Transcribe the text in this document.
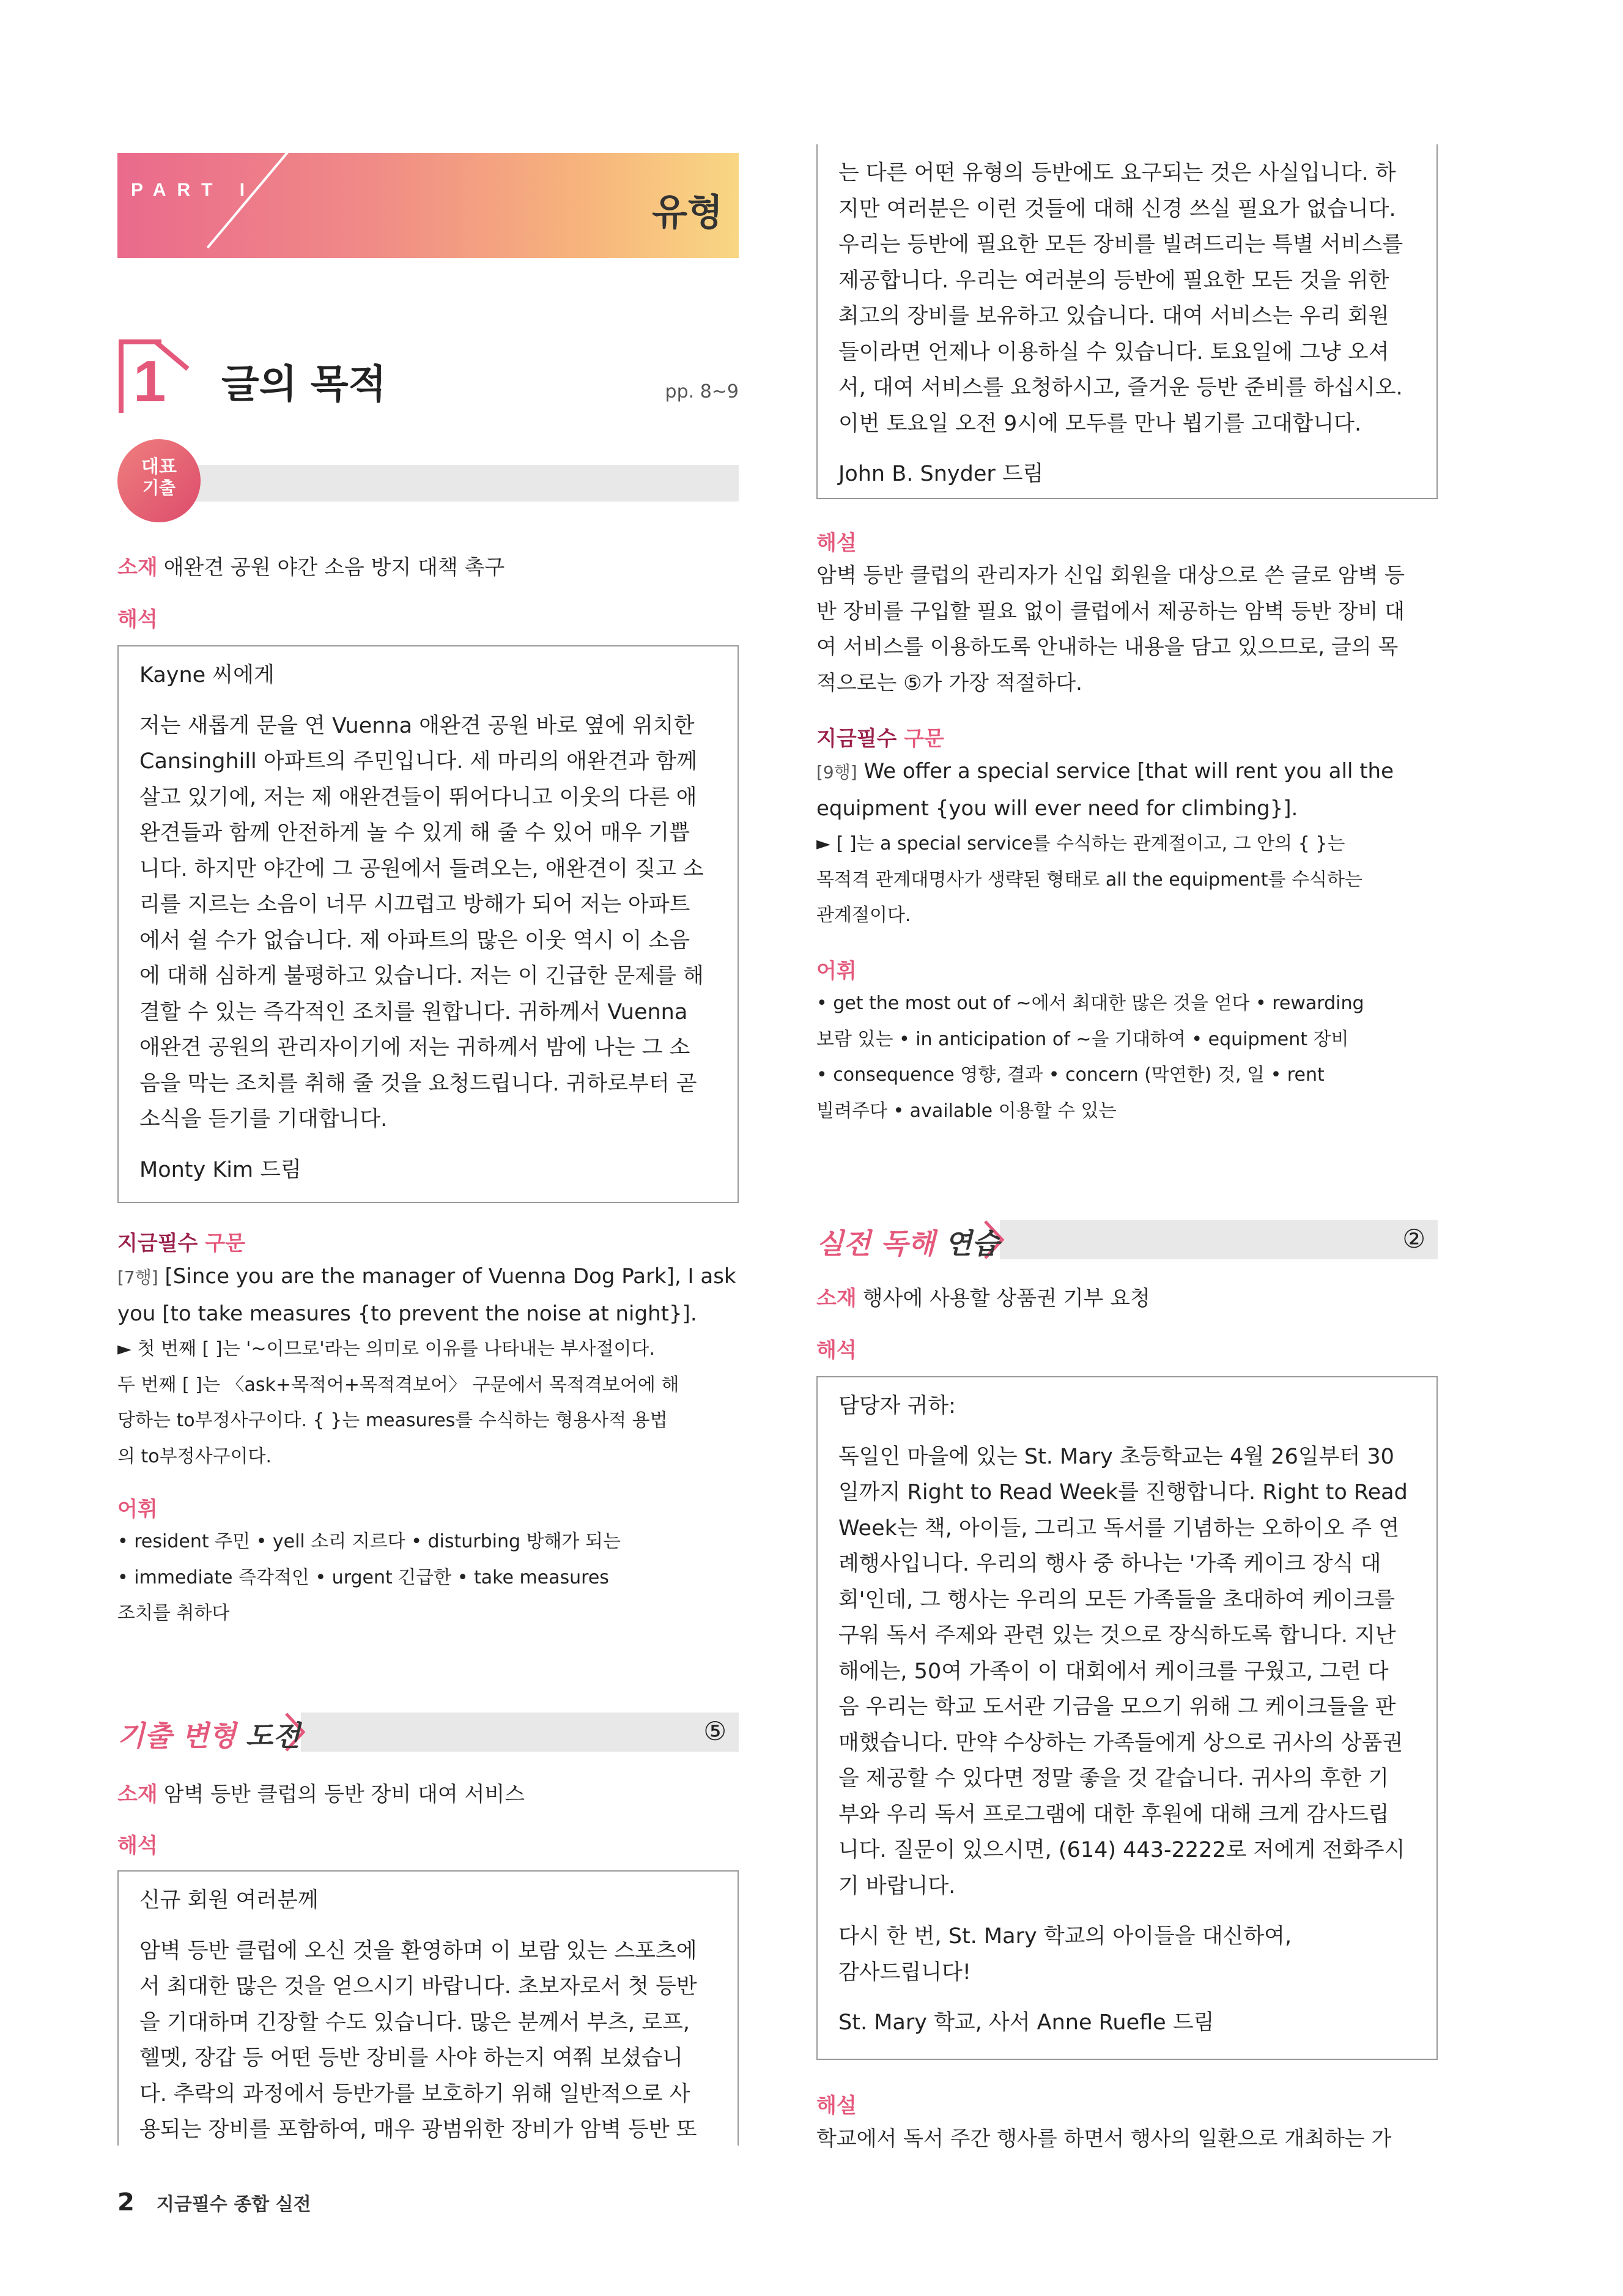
PART I
유형
1 글의 목적	pp. 8~9
대표
기출
소재 애완견 공원 야간 소음 방지 대책 촉구
해석

Kayne 씨에게

저는 새롭게 문을 연 Vuenna 애완견 공원 바로 옆에 위치한

Cansinghill 아파트의 주민입니다. 세 마리의 애완견과 함께

살고 있기에, 저는 제 애완견들이 뛰어다니고 이웃의 다른 애

완견들과 함께 안전하게 놀 수 있게 해 줄 수 있어 매우 기쁩

니다. 하지만 야간에 그 공원에서 들려오는, 애완견이 짖고 소

리를 지르는 소음이 너무 시끄럽고 방해가 되어 저는 아파트

에서 쉴 수가 없습니다. 제 아파트의 많은 이웃 역시 이 소음

에 대해 심하게 불평하고 있습니다. 저는 이 긴급한 문제를 해

결할 수 있는 즉각적인 조치를 원합니다. 귀하께서 Vuenna

애완견 공원의 관리자이기에 저는 귀하께서 밤에 나는 그 소

음을 막는 조치를 취해 줄 것을 요청드립니다. 귀하로부터 곧

소식을 듣기를 기대합니다.

Monty Kim 드림

지금필수 구문

[7행] [Since you are the manager of Vuenna Dog Park], I ask

you [to take measures {to prevent the noise at night}].

► 첫 번째 [ ]는 '~이므로'라는 의미로 이유를 나타내는 부사절이다.

두 번째 [ ]는 〈ask+목적어+목적격보어〉 구문에서 목적격보어에 해

당하는 to부정사구이다. { }는 measures를 수식하는 형용사적 용법

의 to부정사구이다.

어휘

• resident 주민 • yell 소리 지르다 • disturbing 방해가 되는

• immediate 즉각적인 • urgent 긴급한 • take measures

조치를 취하다

기출 변형 도전	⑤
소재 암벽 등반 클럽의 등반 장비 대여 서비스
해석

신규 회원 여러분께

암벽 등반 클럽에 오신 것을 환영하며 이 보람 있는 스포츠에

서 최대한 많은 것을 얻으시기 바랍니다. 초보자로서 첫 등반

을 기대하며 긴장할 수도 있습니다. 많은 분께서 부츠, 로프,

헬멧, 장갑 등 어떤 등반 장비를 사야 하는지 여쭤 보셨습니

다. 추락의 과정에서 등반가를 보호하기 위해 일반적으로 사

용되는 장비를 포함하여, 매우 광범위한 장비가 암벽 등반 또

는 다른 어떤 유형의 등반에도 요구되는 것은 사실입니다. 하

지만 여러분은 이런 것들에 대해 신경 쓰실 필요가 없습니다.

우리는 등반에 필요한 모든 장비를 빌려드리는 특별 서비스를

제공합니다. 우리는 여러분의 등반에 필요한 모든 것을 위한

최고의 장비를 보유하고 있습니다. 대여 서비스는 우리 회원

들이라면 언제나 이용하실 수 있습니다. 토요일에 그냥 오셔

서, 대여 서비스를 요청하시고, 즐거운 등반 준비를 하십시오.

이번 토요일 오전 9시에 모두를 만나 뵙기를 고대합니다.

John B. Snyder 드림

해설

암벽 등반 클럽의 관리자가 신입 회원을 대상으로 쓴 글로 암벽 등

반 장비를 구입할 필요 없이 클럽에서 제공하는 암벽 등반 장비 대

여 서비스를 이용하도록 안내하는 내용을 담고 있으므로, 글의 목

적으로는 ⑤가 가장 적절하다.

지금필수 구문

[9행] We offer a special service [that will rent you all the

equipment {you will ever need for climbing}].

► [ ]는 a special service를 수식하는 관계절이고, 그 안의 { }는

목적격 관계대명사가 생략된 형태로 all the equipment를 수식하는

관계절이다.

어휘

• get the most out of ~에서 최대한 많은 것을 얻다 • rewarding

보람 있는 • in anticipation of ~을 기대하여 • equipment 장비

• consequence 영향, 결과 • concern (막연한) 것, 일 • rent

빌려주다 • available 이용할 수 있는

실전 독해 연습	②
소재 행사에 사용할 상품권 기부 요청
해석

담당자 귀하:

독일인 마을에 있는 St. Mary 초등학교는 4월 26일부터 30

일까지 Right to Read Week를 진행합니다. Right to Read

Week는 책, 아이들, 그리고 독서를 기념하는 오하이오 주 연

례행사입니다. 우리의 행사 중 하나는 '가족 케이크 장식 대

회'인데, 그 행사는 우리의 모든 가족들을 초대하여 케이크를

구워 독서 주제와 관련 있는 것으로 장식하도록 합니다. 지난

해에는, 50여 가족이 이 대회에서 케이크를 구웠고, 그런 다

음 우리는 학교 도서관 기금을 모으기 위해 그 케이크들을 판

매했습니다. 만약 수상하는 가족들에게 상으로 귀사의 상품권

을 제공할 수 있다면 정말 좋을 것 같습니다. 귀사의 후한 기

부와 우리 독서 프로그램에 대한 후원에 대해 크게 감사드립

니다. 질문이 있으시면, (614) 443-2222로 저에게 전화주시

기 바랍니다.

다시 한 번, St. Mary 학교의 아이들을 대신하여,

감사드립니다!

St. Mary 학교, 사서 Anne Ruefle 드림

해설

학교에서 독서 주간 행사를 하면서 행사의 일환으로 개최하는 가

2 지금필수 종합 실전
